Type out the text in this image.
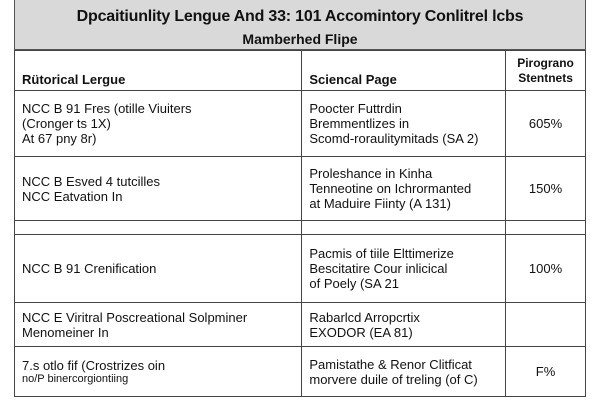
Dpcaitiunlity Lengue And 33: 101 Accomintory Conlitrel lcbs
Mamberhed Flipe
Rütorical Lergue	Sciencal Page	Pirograno
Stentnets

NCC B 91 Fres (otille Viuiters
(Cronger ts 1X)
At 67 pny 8r)	Poocter Futtrdin
Bremmentlizes in
Scomd-roraulitymitads (SA 2)	605%

NCC B Esved 4 tutcilles
NCC Eatvation In	Proleshance in Kinha
Tenneotine on Ichrormanted
at Maduire Fiinty (A 131)	150%

NCC B 91 Crenification	Pacmis of tiile Elttimerize
Bescitatire Cour inlicical
of Poely (SA 21	100%

NCC E Viritral Poscreational Solpminer
Menomeiner In	Rabarlcd Arropcrtix
EXODOR (EA 81)	

7.s otlo fif (Crostrizes oin
no/P binercorgiontiing	Pamistathe & Renor Clitficat
morvere duile of treling (of C)	F%
